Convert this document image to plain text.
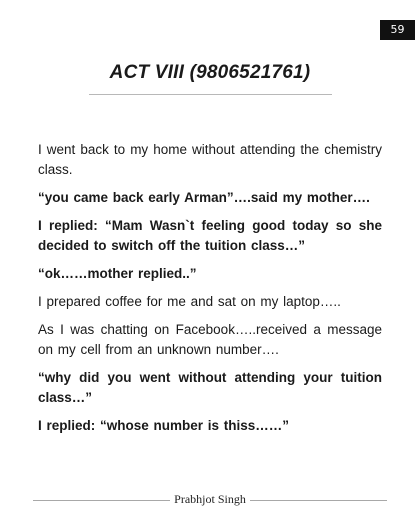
59
ACT VIII (9806521761)

I went back to my home without attending the chemistry class.

“you came back early Arman”….said my mother….

I replied: “Mam Wasn`t feeling good today so she decided to switch off the tuition class…”

“ok……mother replied..”

I prepared coffee for me and sat on my laptop…..

As I was chatting on Facebook…..received a message on my cell from an unknown number….

“why did you went without attending your tuition class…”

I replied: “whose number is thiss……”

Prabhjot Singh
